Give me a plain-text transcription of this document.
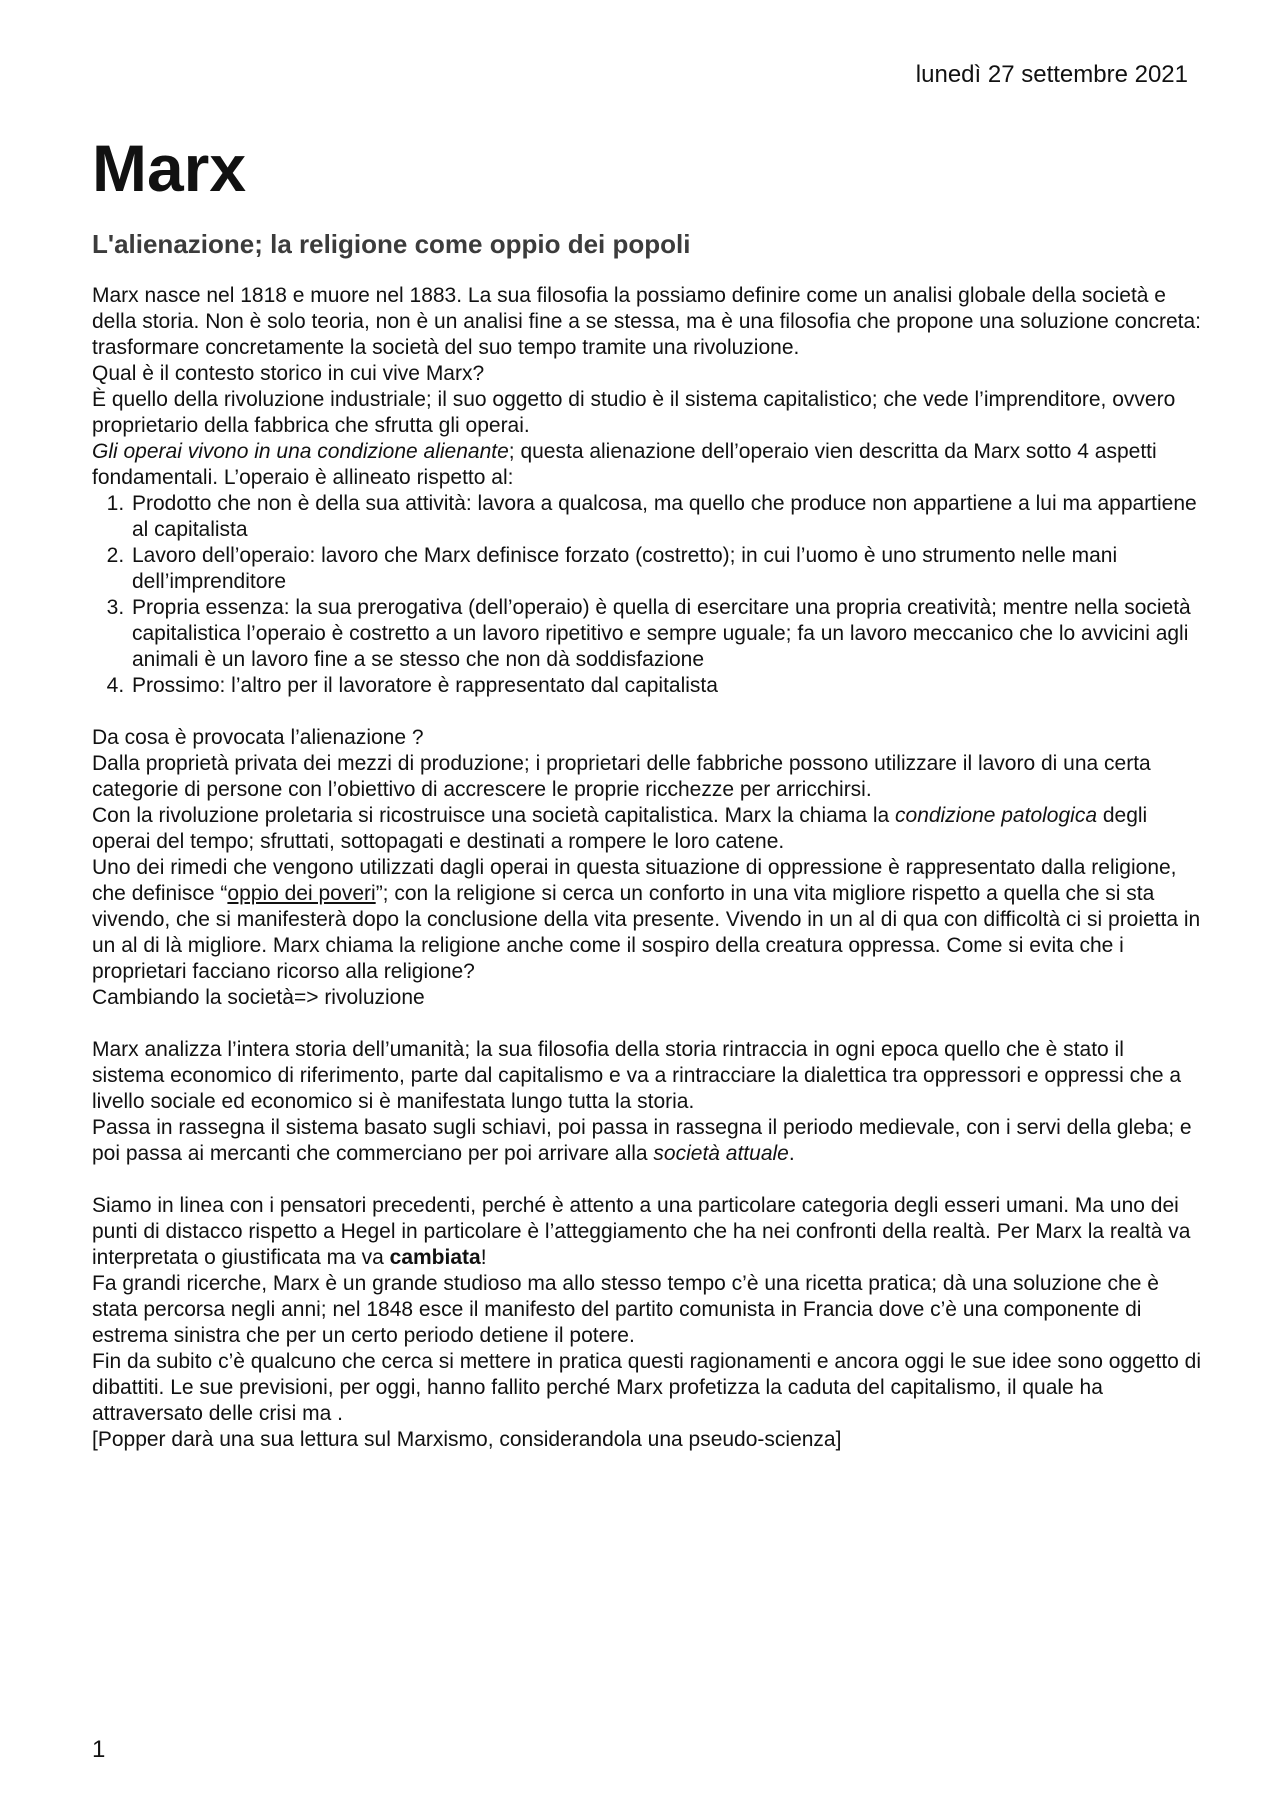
lunedì 27 settembre 2021
Marx
L'alienazione; la religione come oppio dei popoli

Marx nasce nel 1818 e muore nel 1883. La sua filosofia la possiamo definire come un analisi globale della società e della storia. Non è solo teoria, non è un analisi fine a se stessa, ma è una filosofia che propone una soluzione concreta: trasformare concretamente la società del suo tempo tramite una rivoluzione.

Qual è il contesto storico in cui vive Marx?

È quello della rivoluzione industriale; il suo oggetto di studio è il sistema capitalistico; che vede l’imprenditore, ovvero proprietario della fabbrica che sfrutta gli operai.

Gli operai vivono in una condizione alienante; questa alienazione dell’operaio vien descritta da Marx sotto 4 aspetti fondamentali. L’operaio è allineato rispetto al:

1. Prodotto che non è della sua attività: lavora a qualcosa, ma quello che produce non appartiene a lui ma appartiene al capitalista
2. Lavoro dell’operaio: lavoro che Marx definisce forzato (costretto); in cui l’uomo è uno strumento nelle mani dell’imprenditore
3. Propria essenza: la sua prerogativa (dell’operaio) è quella di esercitare una propria creatività; mentre nella società capitalistica l’operaio è costretto a un lavoro ripetitivo e sempre uguale; fa un lavoro meccanico che lo avvicini agli animali è un lavoro fine a se stesso che non dà soddisfazione
4. Prossimo: l’altro per il lavoratore è rappresentato dal capitalista

Da cosa è provocata l’alienazione ?

Dalla proprietà privata dei mezzi di produzione; i proprietari delle fabbriche possono utilizzare il lavoro di una certa categorie di persone con l’obiettivo di accrescere le proprie ricchezze per arricchirsi.

Con la rivoluzione proletaria si ricostruisce una società capitalistica. Marx la chiama la condizione patologica degli operai del tempo; sfruttati, sottopagati e destinati a rompere le loro catene.

Uno dei rimedi che vengono utilizzati dagli operai in questa situazione di oppressione è rappresentato dalla religione, che definisce “oppio dei poveri”; con la religione si cerca un conforto in una vita migliore rispetto a quella che si sta vivendo, che si manifesterà dopo la conclusione della vita presente. Vivendo in un al di qua con difficoltà ci si proietta in un al di là migliore. Marx chiama la religione anche come il sospiro della creatura oppressa. Come si evita che i proprietari facciano ricorso alla religione?

Cambiando la società=> rivoluzione

Marx analizza l’intera storia dell’umanità; la sua filosofia della storia rintraccia in ogni epoca quello che è stato il sistema economico di riferimento, parte dal capitalismo e va a rintracciare la dialettica tra oppressori e oppressi che a livello sociale ed economico si è manifestata lungo tutta la storia.

Passa in rassegna il sistema basato sugli schiavi, poi passa in rassegna il periodo medievale, con i servi della gleba; e poi passa ai mercanti che commerciano per poi arrivare alla società attuale.

Siamo in linea con i pensatori precedenti, perché è attento a una particolare categoria degli esseri umani. Ma uno dei punti di distacco rispetto a Hegel in particolare è l’atteggiamento che ha nei confronti della realtà. Per Marx la realtà va interpretata o giustificata ma va cambiata!

Fa grandi ricerche, Marx è un grande studioso ma allo stesso tempo c’è una ricetta pratica; dà una soluzione che è stata percorsa negli anni; nel 1848 esce il manifesto del partito comunista in Francia dove c’è una componente di estrema sinistra che per un certo periodo detiene il potere.

Fin da subito c’è qualcuno che cerca si mettere in pratica questi ragionamenti e ancora oggi le sue idee sono oggetto di dibattiti. Le sue previsioni, per oggi, hanno fallito perché Marx profetizza la caduta del capitalismo, il quale ha attraversato delle crisi ma .

[Popper darà una sua lettura sul Marxismo, considerandola una pseudo-scienza]

1
